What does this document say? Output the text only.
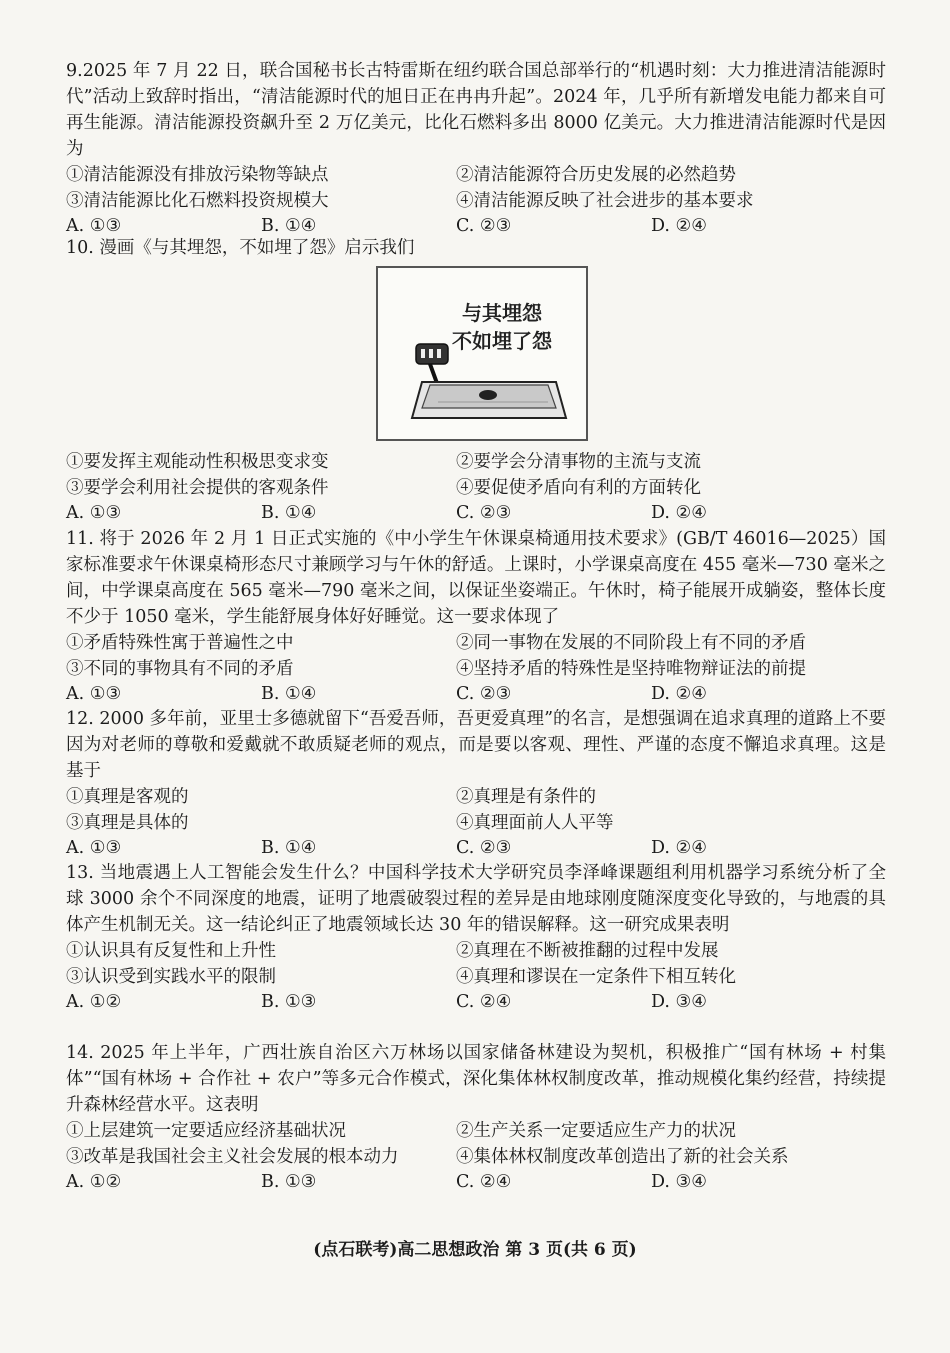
9.2025 年 7 月 22 日，联合国秘书长古特雷斯在纽约联合国总部举行的“机遇时刻：大力推进清洁能源时代”活动上致辞时指出，“清洁能源时代的旭日正在冉冉升起”。2024 年，几乎所有新增发电能力都来自可再生能源。清洁能源投资飙升至 2 万亿美元，比化石燃料多出 8000 亿美元。大力推进清洁能源时代是因为

①清洁能源没有排放污染物等缺点	②清洁能源符合历史发展的必然趋势
③清洁能源比化石燃料投资规模大	④清洁能源反映了社会进步的基本要求
A. ①③	B. ①④	C. ②③	D. ②④

10. 漫画《与其埋怨，不如埋了怨》启示我们

与其埋怨
不如埋了怨
①要发挥主观能动性积极思变求变	②要学会分清事物的主流与支流
③要学会利用社会提供的客观条件	④要促使矛盾向有利的方面转化
A. ①③	B. ①④	C. ②③	D. ②④

11. 将于 2026 年 2 月 1 日正式实施的《中小学生午休课桌椅通用技术要求》(GB/T 46016—2025）国家标准要求午休课桌椅形态尺寸兼顾学习与午休的舒适。上课时，小学课桌高度在 455 毫米—730 毫米之间，中学课桌高度在 565 毫米—790 毫米之间，以保证坐姿端正。午休时，椅子能展开成躺姿，整体长度不少于 1050 毫米，学生能舒展身体好好睡觉。这一要求体现了

①矛盾特殊性寓于普遍性之中	②同一事物在发展的不同阶段上有不同的矛盾
③不同的事物具有不同的矛盾	④坚持矛盾的特殊性是坚持唯物辩证法的前提
A. ①③	B. ①④	C. ②③	D. ②④

12. 2000 多年前，亚里士多德就留下“吾爱吾师，吾更爱真理”的名言，是想强调在追求真理的道路上不要因为对老师的尊敬和爱戴就不敢质疑老师的观点，而是要以客观、理性、严谨的态度不懈追求真理。这是基于

①真理是客观的	②真理是有条件的
③真理是具体的	④真理面前人人平等
A. ①③	B. ①④	C. ②③	D. ②④

13. 当地震遇上人工智能会发生什么？中国科学技术大学研究员李泽峰课题组利用机器学习系统分析了全球 3000 余个不同深度的地震，证明了地震破裂过程的差异是由地球刚度随深度变化导致的，与地震的具体产生机制无关。这一结论纠正了地震领域长达 30 年的错误解释。这一研究成果表明

①认识具有反复性和上升性	②真理在不断被推翻的过程中发展
③认识受到实践水平的限制	④真理和谬误在一定条件下相互转化
A. ①②	B. ①③	C. ②④	D. ③④

14. 2025 年上半年，广西壮族自治区六万林场以国家储备林建设为契机，积极推广“国有林场 + 村集体”“国有林场 + 合作社 + 农户”等多元合作模式，深化集体林权制度改革，推动规模化集约经营，持续提升森林经营水平。这表明

①上层建筑一定要适应经济基础状况	②生产关系一定要适应生产力的状况
③改革是我国社会主义社会发展的根本动力	④集体林权制度改革创造出了新的社会关系
A. ①②	B. ①③	C. ②④	D. ③④
(点石联考)高二思想政治 第 3 页(共 6 页)
